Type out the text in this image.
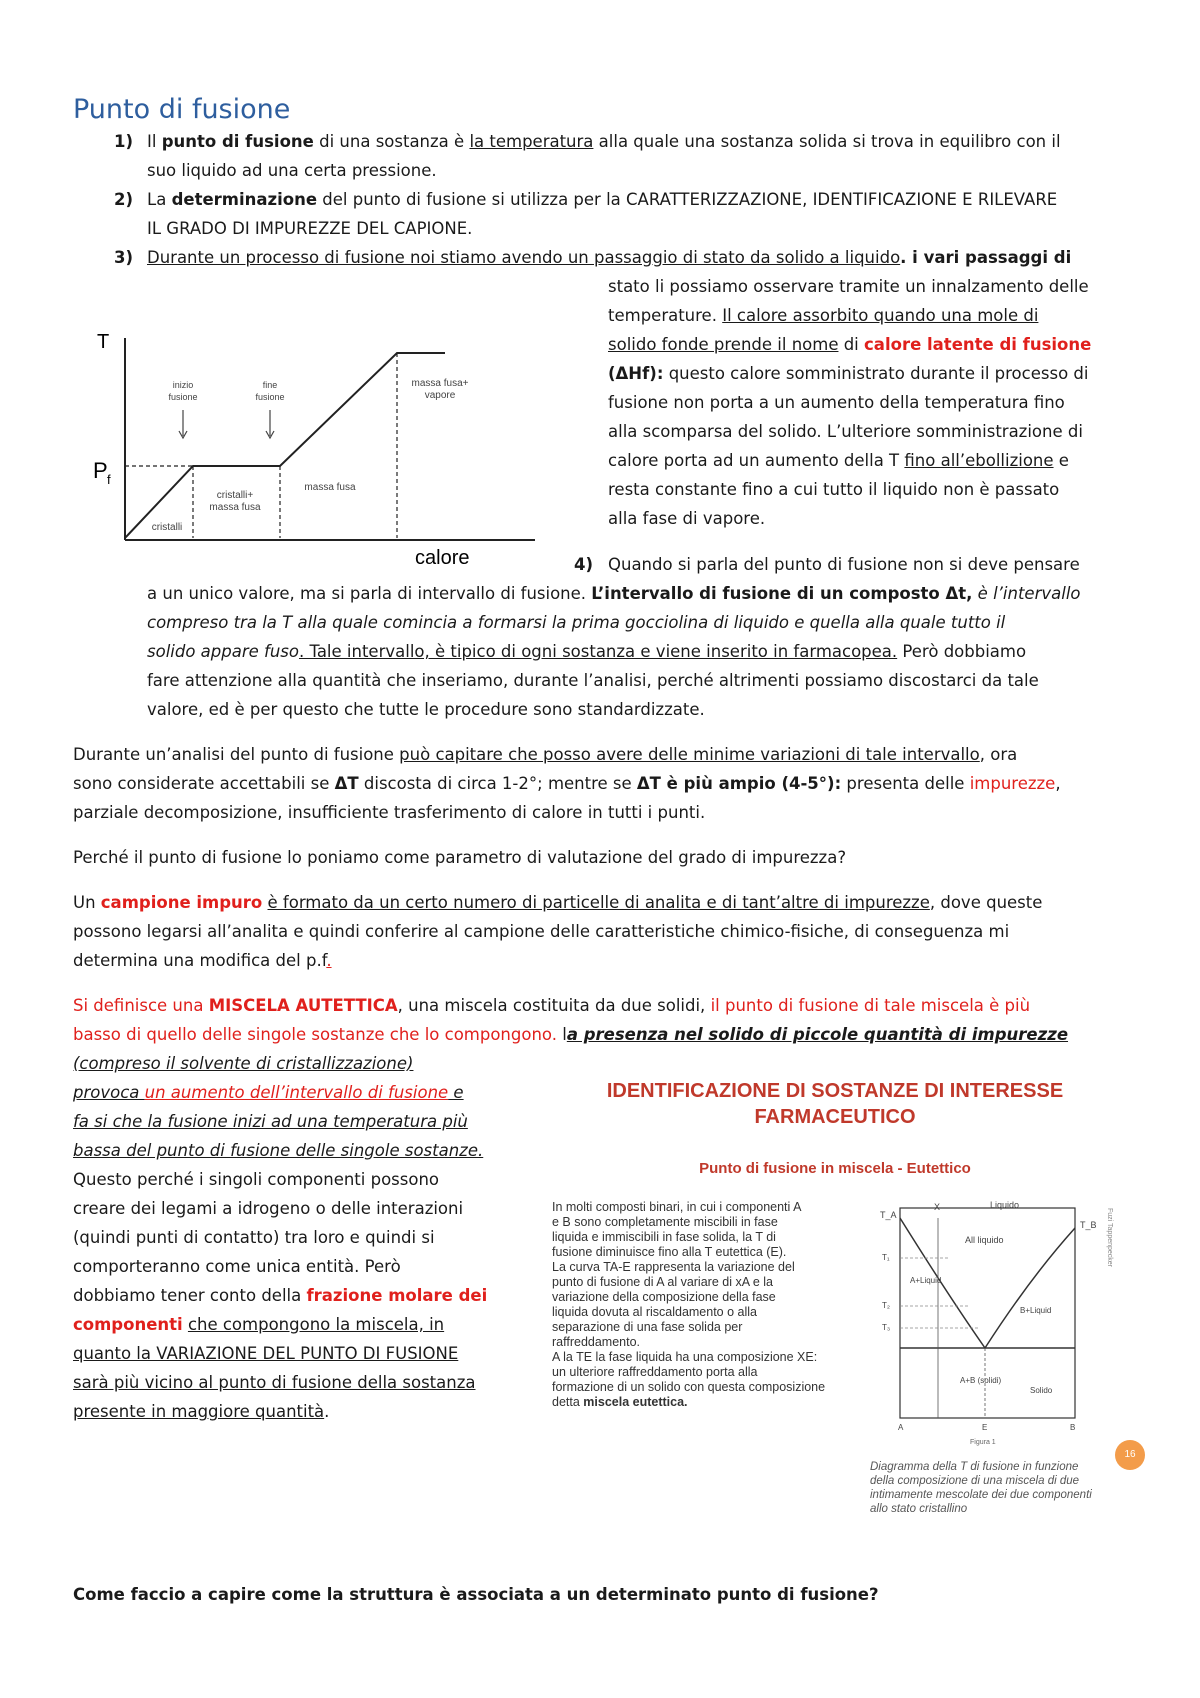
Punto di fusione
1) Il punto di fusione di una sostanza è la temperatura alla quale una sostanza solida si trova in equilibro con il
suo liquido ad una certa pressione.
2) La determinazione del punto di fusione si utilizza per la CARATTERIZZAZIONE, IDENTIFICAZIONE E RILEVARE
IL GRADO DI IMPUREZZE DEL CAPIONE.
3) Durante un processo di fusione noi stiamo avendo un passaggio di stato da solido a liquido. i vari passaggi di
stato li possiamo osservare tramite un innalzamento delle
temperature. Il calore assorbito quando una mole di
solido fonde prende il nome di calore latente di fusione
(ΔHf): questo calore somministrato durante il processo di
fusione non porta a un aumento della temperatura fino
alla scomparsa del solido. L’ulteriore somministrazione di
calore porta ad un aumento della T fino all’ebollizione e
resta constante fino a cui tutto il liquido non è passato
alla fase di vapore.
T
P f
calore
inizio
fusione
fine
fusione
massa fusa+
vapore
cristalli
cristalli+
massa fusa
massa fusa
4) Quando si parla del punto di fusione non si deve pensare
a un unico valore, ma si parla di intervallo di fusione. L’intervallo di fusione di un composto Δt, è l’intervallo
compreso tra la T alla quale comincia a formarsi la prima gocciolina di liquido e quella alla quale tutto il
solido appare fuso. Tale intervallo, è tipico di ogni sostanza e viene inserito in farmacopea. Però dobbiamo
fare attenzione alla quantità che inseriamo, durante l’analisi, perché altrimenti possiamo discostarci da tale
valore, ed è per questo che tutte le procedure sono standardizzate.
Durante un’analisi del punto di fusione può capitare che posso avere delle minime variazioni di tale intervallo, ora
sono considerate accettabili se ΔT discosta di circa 1-2°; mentre se ΔT è più ampio (4-5°): presenta delle impurezze,
parziale decomposizione, insufficiente trasferimento di calore in tutti i punti.
Perché il punto di fusione lo poniamo come parametro di valutazione del grado di impurezza?
Un campione impuro è formato da un certo numero di particelle di analita e di tant’altre di impurezze, dove queste
possono legarsi all’analita e quindi conferire al campione delle caratteristiche chimico-fisiche, di conseguenza mi
determina una modifica del p.f.
Si definisce una MISCELA AUTETTICA, una miscela costituita da due solidi, il punto di fusione di tale miscela è più
basso di quello delle singole sostanze che lo compongono. la presenza nel solido di piccole quantità di impurezze
(compreso il solvente di cristallizzazione)
provoca un aumento dell’intervallo di fusione e
fa si che la fusione inizi ad una temperatura più
bassa del punto di fusione delle singole sostanze.
Questo perché i singoli componenti possono
creare dei legami a idrogeno o delle interazioni
(quindi punti di contatto) tra loro e quindi si
comporteranno come unica entità. Però
dobbiamo tener conto della frazione molare dei
componenti che compongono la miscela, in
quanto la VARIAZIONE DEL PUNTO DI FUSIONE
sarà più vicino al punto di fusione della sostanza
presente in maggiore quantità.
IDENTIFICAZIONE DI SOSTANZE DI INTERESSE
FARMACEUTICO
Punto di fusione in miscela - Eutettico
In molti composti binari, in cui i componenti A
e B sono completamente miscibili in fase
liquida e immiscibili in fase solida, la T di
fusione diminuisce fino alla T eutettica (E).
La curva TA-E rappresenta la variazione del
punto di fusione di A al variare di xA e la
variazione della composizione della fase
liquida dovuta al riscaldamento o alla
separazione di una fase solida per
raffreddamento.
A la TE la fase liquida ha una composizione XE:
un ulteriore raffreddamento porta alla
formazione di un solido con questa composizione
detta miscela eutettica.
T_A
T_B
X	Liquido
All liquido
A+Liquid
B+Liquid
A+B (solidi)
Solido
A	B
E
T₁
T₂
T₃
Figura 1
Fuzi Tappenpecker
16
Diagramma della T di fusione in funzione
della composizione di una miscela di due
intimamente mescolate dei due componenti
allo stato cristallino
Come faccio a capire come la struttura è associata a un determinato punto di fusione?
